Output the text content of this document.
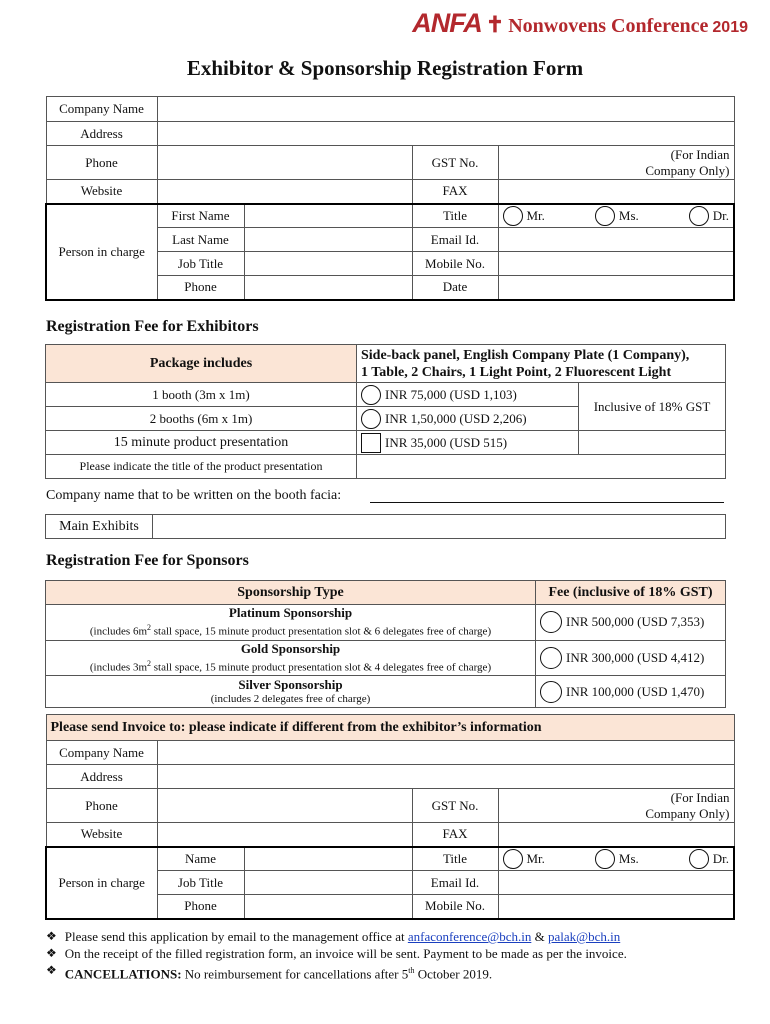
ANFA ✝ Nonwovens Conference 2019
Exhibitor & Sponsorship Registration Form
Company Name				
Address				
Phone			GST No.	(For Indian Company Only)
Website			FAX	
Person in charge	First Name		Title	Mr. Ms. Dr.

	Last Name		Email Id.	
	Job Title		Mobile No.	
	Phone		Date	
Registration Fee for Exhibitors
Package includes	Side-back panel, English Company Plate (1 Company),
1 Table, 2 Chairs, 1 Light Point, 2 Fluorescent Light	

1 booth (3m x 1m)	INR 75,000 (USD 1,103)	Inclusive of 18% GST
2 booths (6m x 1m)	INR 1,50,000 (USD 2,206)	

15 minute product presentation	INR 35,000 (USD 515)	

Please indicate the title of the product presentation		
Company name that to be written on the booth facia:
Main Exhibits	
Registration Fee for Sponsors
Sponsorship Type	Fee (inclusive of 18% GST)

Platinum Sponsorship
(includes $6m^2$ stall space, 15 minute product presentation slot & 6 delegates free of charge)	INR 500,000 (USD 7,353)

Gold Sponsorship
(includes $3m^2$ stall space, 15 minute product presentation slot & 4 delegates free of charge)	INR 300,000 (USD 4,412)

Silver Sponsorship
(includes 2 delegates free of charge)	INR 100,000 (USD 1,470)
Please send Invoice to: please indicate if different from the exhibitor’s information				
Company Name				
Address				
Phone			GST No.	(For Indian Company Only)
Website			FAX	
Person in charge	Name		Title	Mr. Ms. Dr.

	Job Title		Email Id.	
	Phone		Mobile No.	
❖ Please send this application by email to the management office at anfaconference@bch.in & palak@bch.in
❖ On the receipt of the filled registration form, an invoice will be sent. Payment to be made as per the invoice.
❖ CANCELLATIONS: No reimbursement for cancellations after 5th October 2019.
